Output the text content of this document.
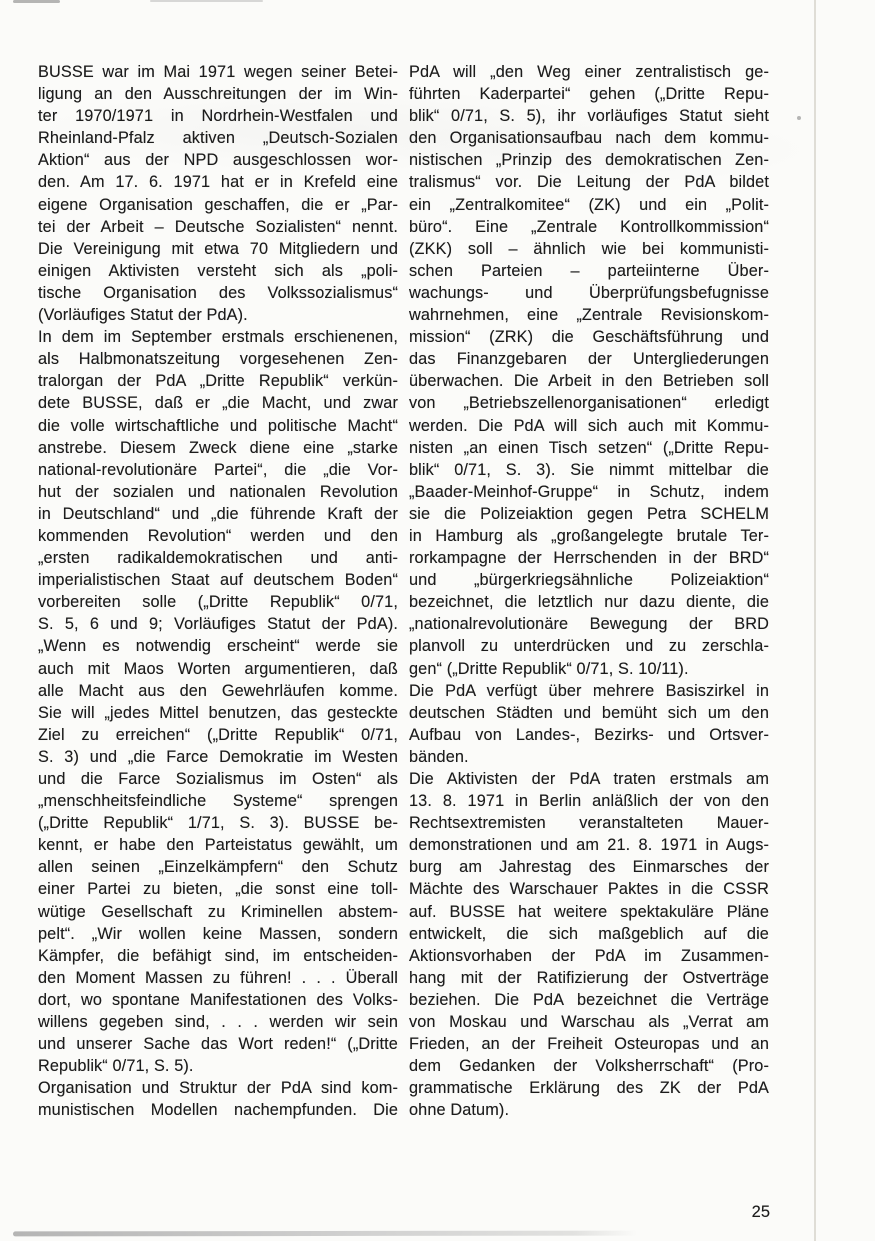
BUSSE war im Mai 1971 wegen seiner Betei-
ligung an den Ausschreitungen der im Win-
ter 1970/1971 in Nordrhein-Westfalen und
Rheinland-Pfalz aktiven „Deutsch-Sozialen
Aktion“ aus der NPD ausgeschlossen wor-
den. Am 17. 6. 1971 hat er in Krefeld eine
eigene Organisation geschaffen, die er „Par-
tei der Arbeit – Deutsche Sozialisten“ nennt.
Die Vereinigung mit etwa 70 Mitgliedern und
einigen Aktivisten versteht sich als „poli-
tische Organisation des Volkssozialismus“
(Vorläufiges Statut der PdA).
In dem im September erstmals erschienenen,
als Halbmonatszeitung vorgesehenen Zen-
tralorgan der PdA „Dritte Republik“ verkün-
dete BUSSE, daß er „die Macht, und zwar
die volle wirtschaftliche und politische Macht“
anstrebe. Diesem Zweck diene eine „starke
national-revolutionäre Partei“, die „die Vor-
hut der sozialen und nationalen Revolution
in Deutschland“ und „die führende Kraft der
kommenden Revolution“ werden und den
„ersten radikaldemokratischen und anti-
imperialistischen Staat auf deutschem Boden“
vorbereiten solle („Dritte Republik“ 0/71,
S. 5, 6 und 9; Vorläufiges Statut der PdA).
„Wenn es notwendig erscheint“ werde sie
auch mit Maos Worten argumentieren, daß
alle Macht aus den Gewehrläufen komme.
Sie will „jedes Mittel benutzen, das gesteckte
Ziel zu erreichen“ („Dritte Republik“ 0/71,
S. 3) und „die Farce Demokratie im Westen
und die Farce Sozialismus im Osten“ als
„menschheitsfeindliche Systeme“ sprengen
(„Dritte Republik“ 1/71, S. 3). BUSSE be-
kennt, er habe den Parteistatus gewählt, um
allen seinen „Einzelkämpfern“ den Schutz
einer Partei zu bieten, „die sonst eine toll-
wütige Gesellschaft zu Kriminellen abstem-
pelt“. „Wir wollen keine Massen, sondern
Kämpfer, die befähigt sind, im entscheiden-
den Moment Massen zu führen! . . . Überall
dort, wo spontane Manifestationen des Volks-
willens gegeben sind, . . . werden wir sein
und unserer Sache das Wort reden!“ („Dritte
Republik“ 0/71, S. 5).
Organisation und Struktur der PdA sind kom-
munistischen Modellen nachempfunden. Die
PdA will „den Weg einer zentralistisch ge-
führten Kaderpartei“ gehen („Dritte Repu-
blik“ 0/71, S. 5), ihr vorläufiges Statut sieht
den Organisationsaufbau nach dem kommu-
nistischen „Prinzip des demokratischen Zen-
tralismus“ vor. Die Leitung der PdA bildet
ein „Zentralkomitee“ (ZK) und ein „Polit-
büro“. Eine „Zentrale Kontrollkommission“
(ZKK) soll – ähnlich wie bei kommunisti-
schen Parteien – parteiinterne Über-
wachungs- und Überprüfungsbefugnisse
wahrnehmen, eine „Zentrale Revisionskom-
mission“ (ZRK) die Geschäftsführung und
das Finanzgebaren der Untergliederungen
überwachen. Die Arbeit in den Betrieben soll
von „Betriebszellenorganisationen“ erledigt
werden. Die PdA will sich auch mit Kommu-
nisten „an einen Tisch setzen“ („Dritte Repu-
blik“ 0/71, S. 3). Sie nimmt mittelbar die
„Baader-Meinhof-Gruppe“ in Schutz, indem
sie die Polizeiaktion gegen Petra SCHELM
in Hamburg als „großangelegte brutale Ter-
rorkampagne der Herrschenden in der BRD“
und „bürgerkriegsähnliche Polizeiaktion“
bezeichnet, die letztlich nur dazu diente, die
„nationalrevolutionäre Bewegung der BRD
planvoll zu unterdrücken und zu zerschla-
gen“ („Dritte Republik“ 0/71, S. 10/11).
Die PdA verfügt über mehrere Basiszirkel in
deutschen Städten und bemüht sich um den
Aufbau von Landes-, Bezirks- und Ortsver-
bänden.
Die Aktivisten der PdA traten erstmals am
13. 8. 1971 in Berlin anläßlich der von den
Rechtsextremisten veranstalteten Mauer-
demonstrationen und am 21. 8. 1971 in Augs-
burg am Jahrestag des Einmarsches der
Mächte des Warschauer Paktes in die CSSR
auf. BUSSE hat weitere spektakuläre Pläne
entwickelt, die sich maßgeblich auf die
Aktionsvorhaben der PdA im Zusammen-
hang mit der Ratifizierung der Ostverträge
beziehen. Die PdA bezeichnet die Verträge
von Moskau und Warschau als „Verrat am
Frieden, an der Freiheit Osteuropas und an
dem Gedanken der Volksherrschaft“ (Pro-
grammatische Erklärung des ZK der PdA
ohne Datum).
25
